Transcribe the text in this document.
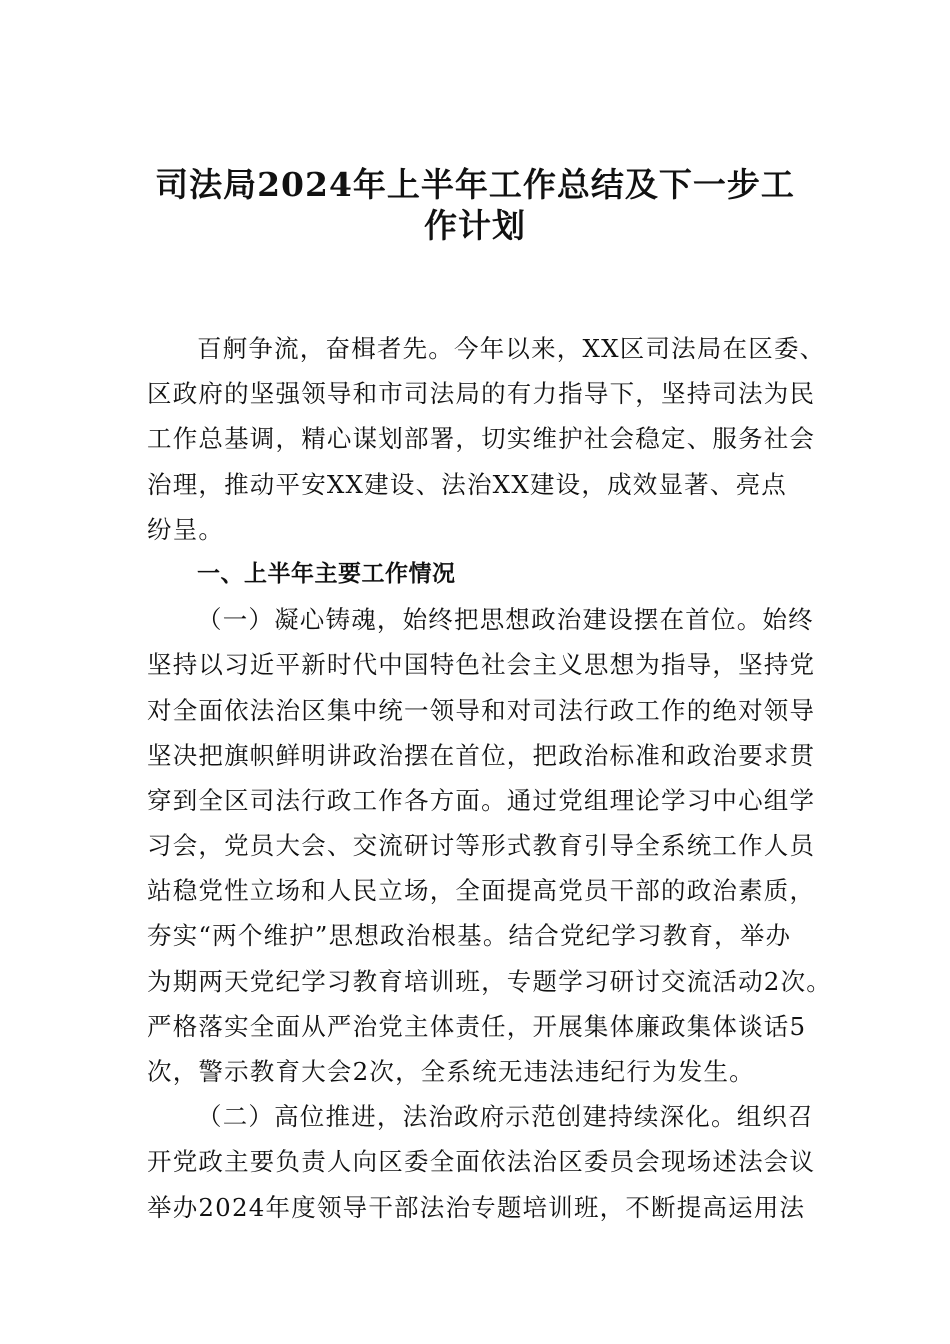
司法局2024年上半年工作总结及下一步工
作计划
百舸争流，奋楫者先。今年以来，XX区司法局在区委、
区政府的坚强领导和市司法局的有力指导下，坚持司法为民
工作总基调，精心谋划部署，切实维护社会稳定、服务社会
治理，推动平安XX建设、法治XX建设，成效显著、亮点
纷呈。
一、上半年主要工作情况
（一）凝心铸魂，始终把思想政治建设摆在首位。始终
坚持以习近平新时代中国特色社会主义思想为指导，坚持党
对全面依法治区集中统一领导和对司法行政工作的绝对领导
坚决把旗帜鲜明讲政治摆在首位，把政治标准和政治要求贯
穿到全区司法行政工作各方面。通过党组理论学习中心组学
习会，党员大会、交流研讨等形式教育引导全系统工作人员
站稳党性立场和人民立场，全面提高党员干部的政治素质，
夯实“两个维护”思想政治根基。结合党纪学习教育，举办
为期两天党纪学习教育培训班，专题学习研讨交流活动2次。
严格落实全面从严治党主体责任，开展集体廉政集体谈话5
次，警示教育大会2次，全系统无违法违纪行为发生。
（二）高位推进，法治政府示范创建持续深化。组织召
开党政主要负责人向区委全面依法治区委员会现场述法会议
举办2024年度领导干部法治专题培训班，不断提高运用法
